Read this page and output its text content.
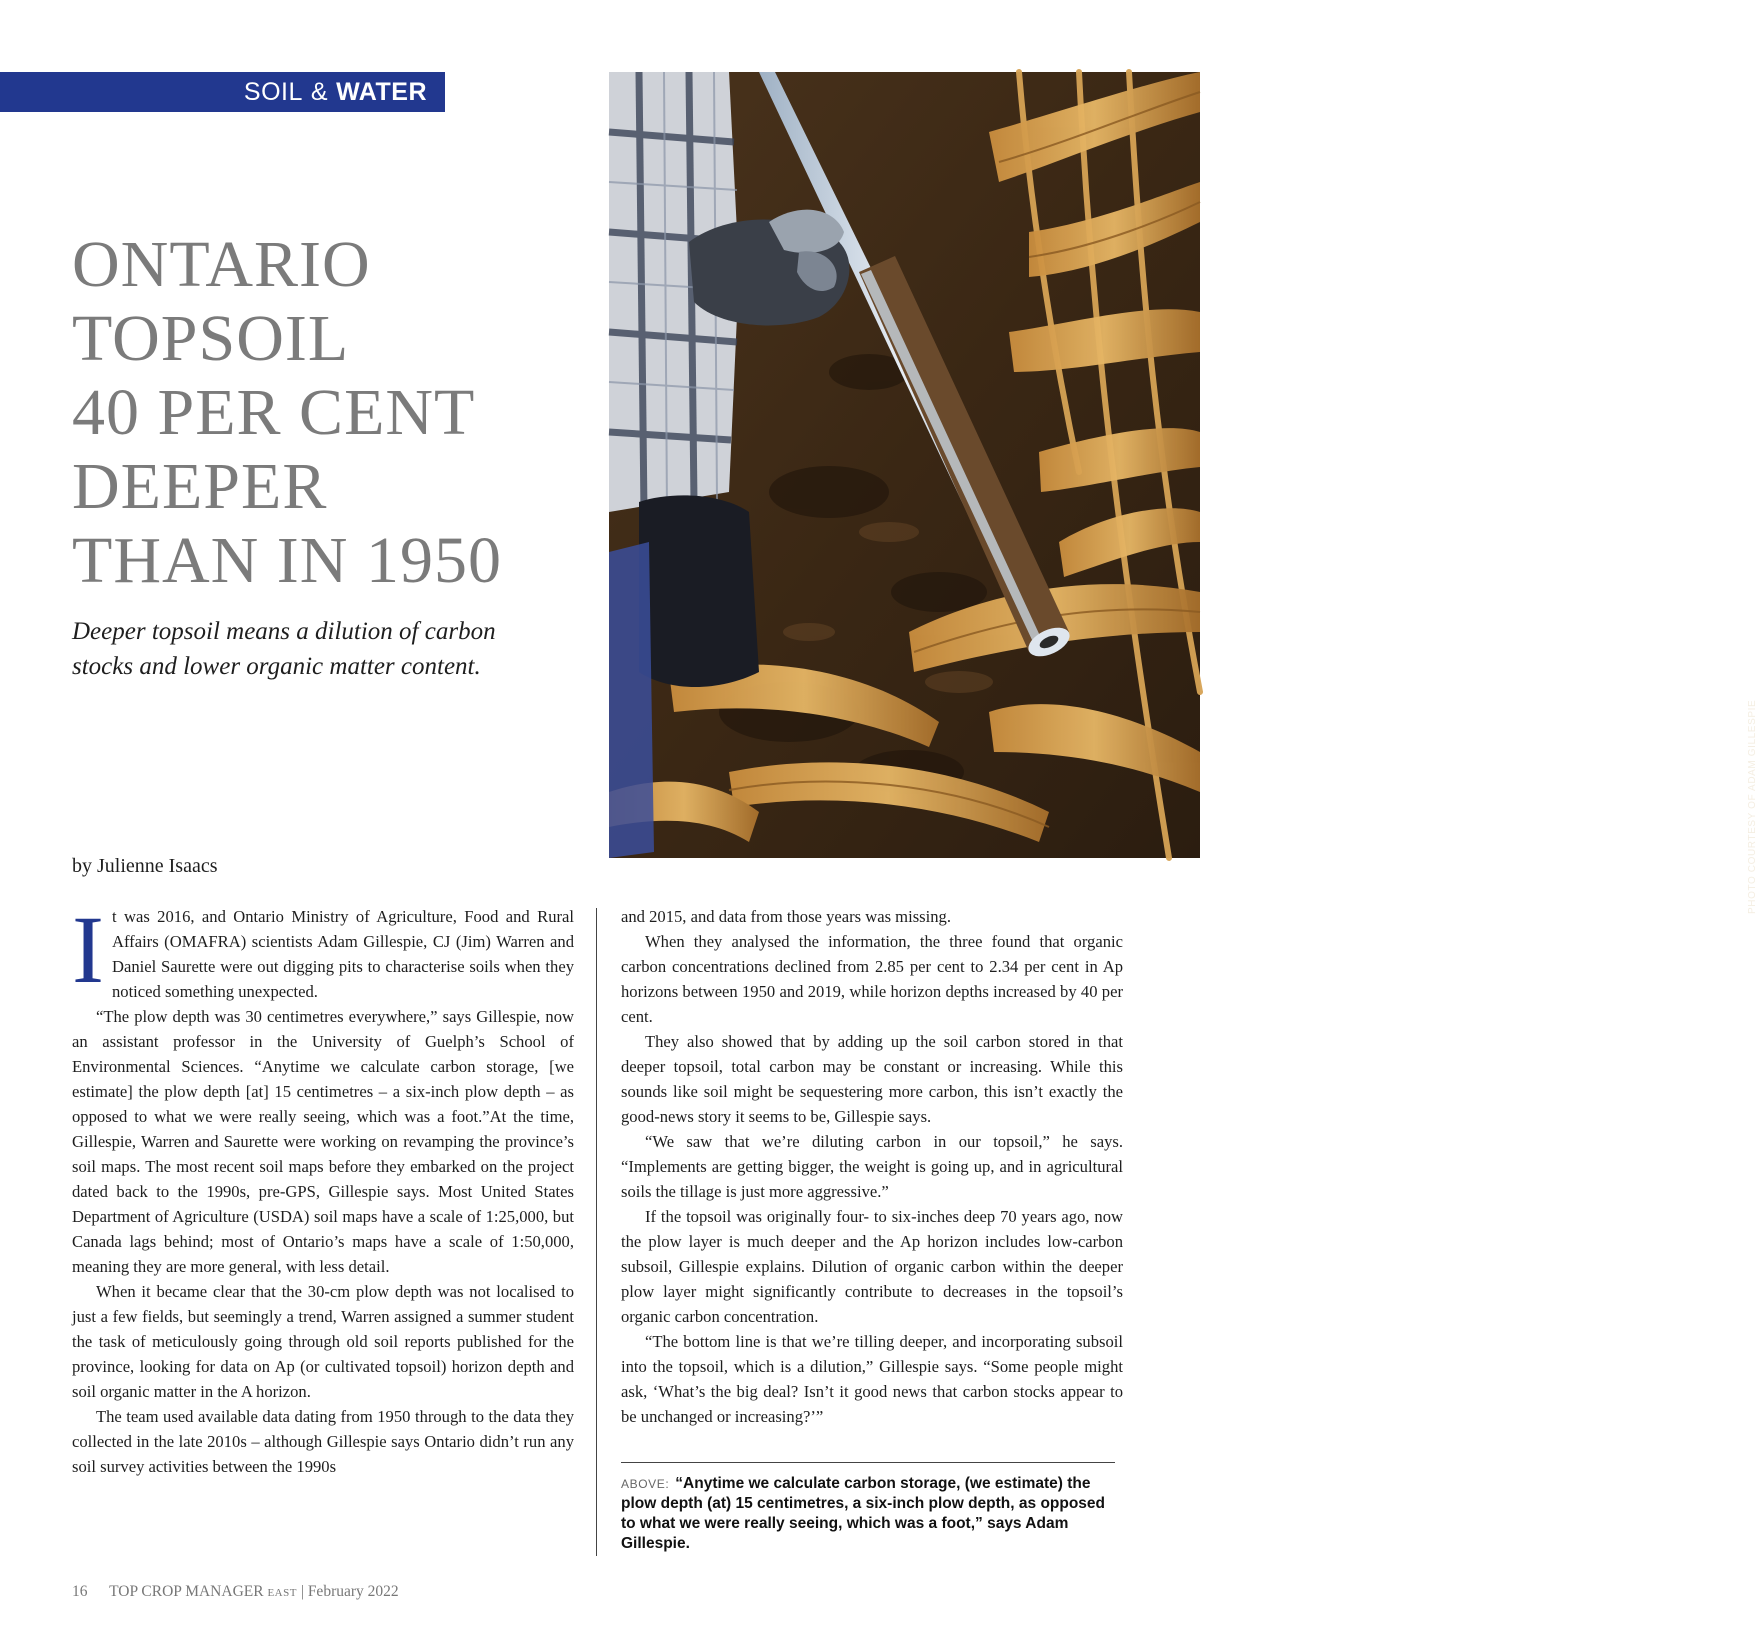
SOIL & WATER
ONTARIO
TOPSOIL
40 PER CENT
DEEPER
THAN IN 1950

Deeper topsoil means a dilution of carbon stocks and lower organic matter content.

PHOTO COURTESY OF ADAM GILLESPIE

by Julienne Isaacs

It was 2016, and Ontario Ministry of Agriculture, Food and Rural Affairs (OMAFRA) scientists Adam Gillespie, CJ (Jim) Warren and Daniel Saurette were out digging pits to characterise soils when they noticed something unexpected.

“The plow depth was 30 centimetres everywhere,” says Gillespie, now an assistant professor in the University of Guelph’s School of Environmental Sciences. “Anytime we calculate carbon storage, [we estimate] the plow depth [at] 15 centimetres – a six-inch plow depth – as opposed to what we were really seeing, which was a foot.”At the time, Gillespie, Warren and Saurette were working on revamping the province’s soil maps. The most recent soil maps before they embarked on the project dated back to the 1990s, pre-GPS, Gillespie says. Most United States Department of Agriculture (USDA) soil maps have a scale of 1:25,000, but Canada lags behind; most of Ontario’s maps have a scale of 1:50,000, meaning they are more general, with less detail.

When it became clear that the 30-cm plow depth was not localised to just a few fields, but seemingly a trend, Warren assigned a summer student the task of meticulously going through old soil reports published for the province, looking for data on Ap (or cultivated topsoil) horizon depth and soil organic matter in the A horizon.

The team used available data dating from 1950 through to the data they collected in the late 2010s – although Gillespie says Ontario didn’t run any soil survey activities between the 1990s

and 2015, and data from those years was missing.

When they analysed the information, the three found that organic carbon concentrations declined from 2.85 per cent to 2.34 per cent in Ap horizons between 1950 and 2019, while horizon depths increased by 40 per cent.

They also showed that by adding up the soil carbon stored in that deeper topsoil, total carbon may be constant or increasing. While this sounds like soil might be sequestering more carbon, this isn’t exactly the good-news story it seems to be, Gillespie says.

“We saw that we’re diluting carbon in our topsoil,” he says. “Implements are getting bigger, the weight is going up, and in agricultural soils the tillage is just more aggressive.”

If the topsoil was originally four- to six-inches deep 70 years ago, now the plow layer is much deeper and the Ap horizon includes low-carbon subsoil, Gillespie explains. Dilution of organic carbon within the deeper plow layer might significantly contribute to decreases in the topsoil’s organic carbon concentration.

“The bottom line is that we’re tilling deeper, and incorporating subsoil into the topsoil, which is a dilution,” Gillespie says. “Some people might ask, ‘What’s the big deal? Isn’t it good news that carbon stocks appear to be unchanged or increasing?’”

ABOVE: “Anytime we calculate carbon storage, (we estimate) the plow depth (at) 15 centimetres, a six-inch plow depth, as opposed to what we were really seeing, which was a foot,” says Adam Gillespie.

16 TOP CROP MANAGER EAST | February 2022
